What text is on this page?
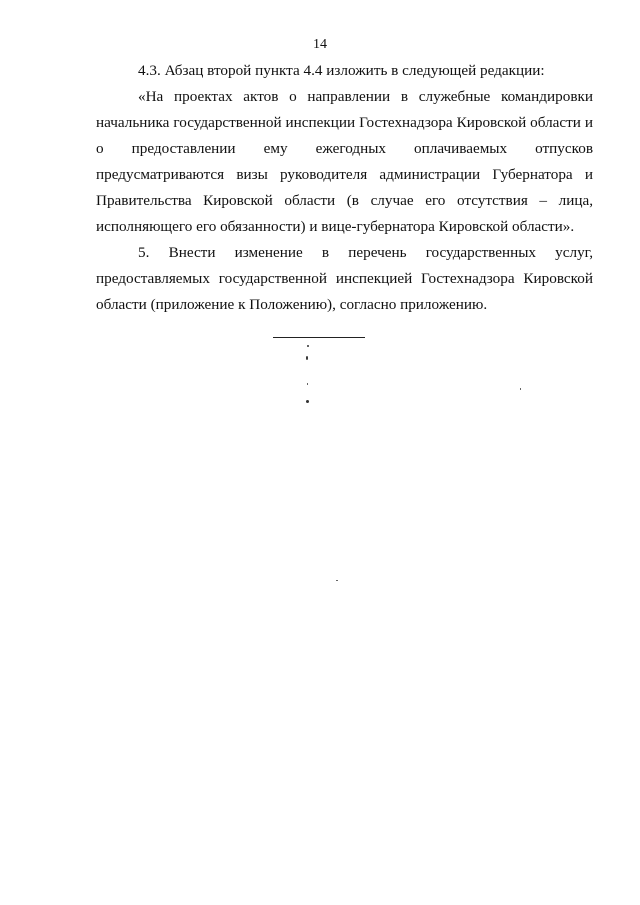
14

4.3. Абзац второй пункта 4.4 изложить в следующей редакции:

«На проектах актов о направлении в служебные командировки начальника государственной инспекции Гостехнадзора Кировской области и о предоставлении ему ежегодных оплачиваемых отпусков предусматриваются визы руководителя администрации Губернатора и Правительства Кировской области (в случае его отсутствия – лица, исполняющего его обязанности) и вице-губернатора Кировской области».

5. Внести изменение в перечень государственных услуг, предоставляемых государственной инспекцией Гостехнадзора Кировской области (приложение к Положению), согласно приложению.
